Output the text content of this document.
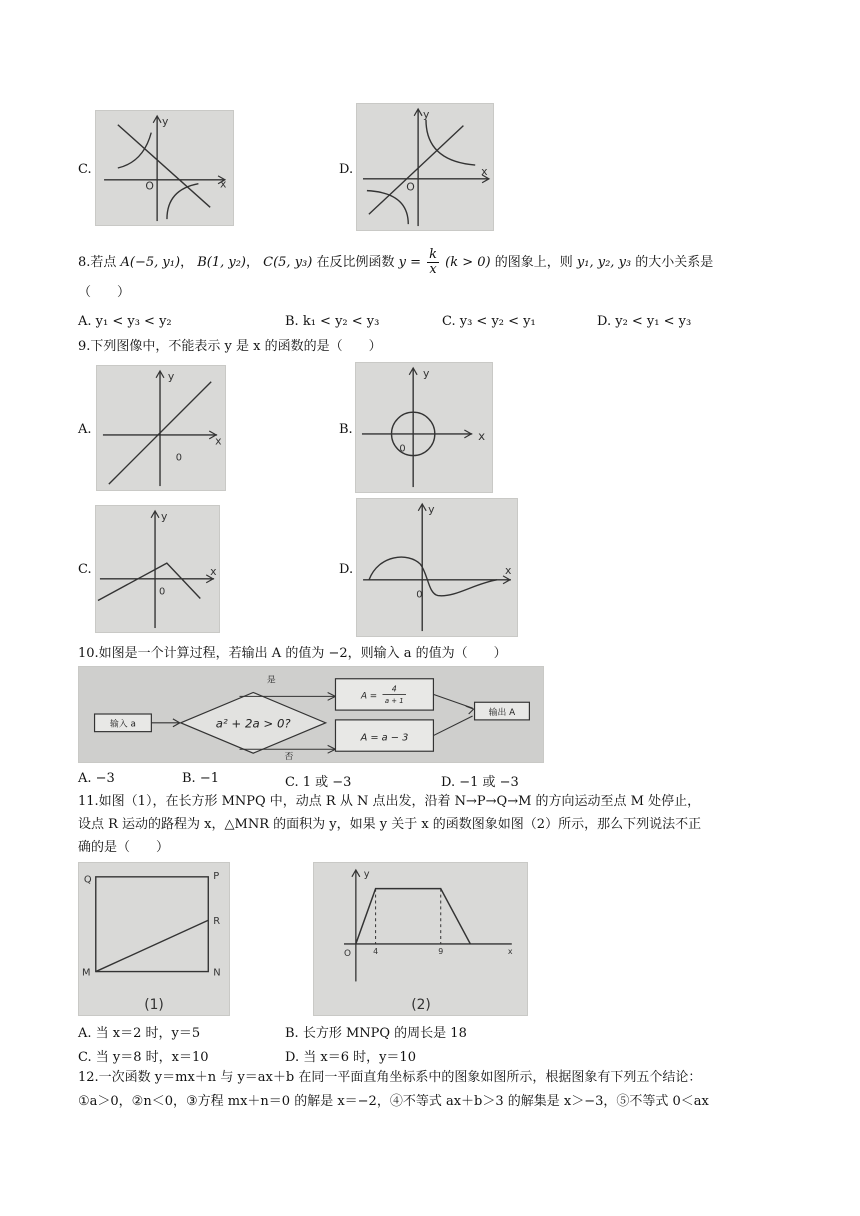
C.
y
x
O
D.
y
x
O
8.若点 A(−5, y₁)， B(1, y₂)， C(5, y₃) 在反比例函数 $y = \frac{k}{x} (k > 0)$ 的图象上，则 y₁, y₂, y₃ 的大小关系是
（　　）
A. y₁ < y₃ < y₂	B. k₁ < y₂ < y₃	C. y₃ < y₂ < y₁	D. y₂ < y₁ < y₃
9.下列图像中，不能表示 y 是 x 的函数的是（　　）
A.
y
x
0
B.
y
x
0
C.
y
x
0
D.
y
x
0
10.如图是一个计算过程，若输出 A 的值为 −2，则输入 a 的值为（　　）
输入 a	a² + 2a > 0?
是
否
A =
4
a + 1
A = a − 3
输出 A
A. −3	B. −1	C. 1 或 −3	D. −1 或 −3
11.如图（1），在长方形 MNPQ 中，动点 R 从 N 点出发，沿着 N→P→Q→M 的方向运动至点 M 处停止，
设点 R 运动的路程为 x，△MNR 的面积为 y，如果 y 关于 x 的函数图象如图（2）所示，那么下列说法不正
确的是（　　）
Q	P
R
M	N
(1)
y
O	4	9	x
(2)
A. 当 x＝2 时，y＝5	B. 长方形 MNPQ 的周长是 18
C. 当 y＝8 时，x＝10	D. 当 x＝6 时，y＝10
12.一次函数 y＝mx＋n 与 y＝ax＋b 在同一平面直角坐标系中的图象如图所示，根据图象有下列五个结论：
①a＞0，②n＜0，③方程 mx＋n＝0 的解是 x＝−2，④不等式 ax＋b＞3 的解集是 x＞−3，⑤不等式 0＜ax
